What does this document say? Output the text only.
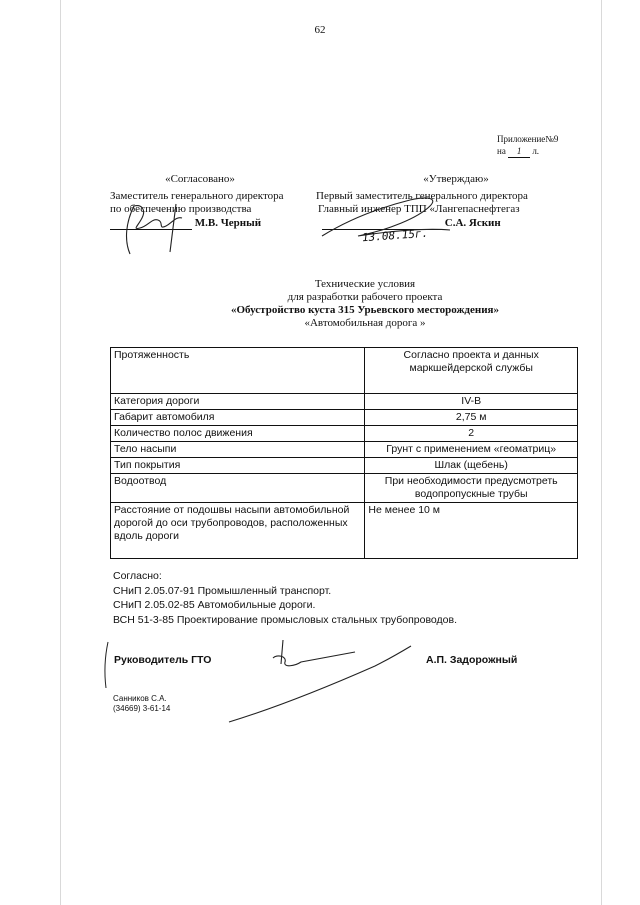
62
Приложение№9
на 1 л.
«Согласовано»
Заместитель генерального директора
по обеспечению производства
М.В. Черный
«Утверждаю»
Первый заместитель генерального директора
Главный инженер ТПП «Лангепаснефтегаз
С.А. Яскин
13.08.15г.
Технические условия
для разработки рабочего проекта
«Обустройство куста 315 Урьевского месторождения»
«Автомобильная дорога »
Протяженность	Согласно проекта и данных маркшейдерской службы
Категория дороги	IV-В
Габарит автомобиля	2,75 м
Количество полос движения	2
Тело насыпи	Грунт с применением «геоматриц»
Тип покрытия	Шлак (щебень)
Водоотвод	При необходимости предусмотреть водопропускные трубы
Расстояние от подошвы насыпи автомобильной дорогой до оси трубопроводов, расположенных вдоль дороги	Не менее 10 м
Согласно:
СНиП 2.05.07-91 Промышленный транспорт.
СНиП 2.05.02-85 Автомобильные дороги.
ВСН 51-3-85 Проектирование промысловых стальных трубопроводов.
Руководитель ГТО	А.П. Задорожный
Санников С.А.
(34669) 3-61-14
